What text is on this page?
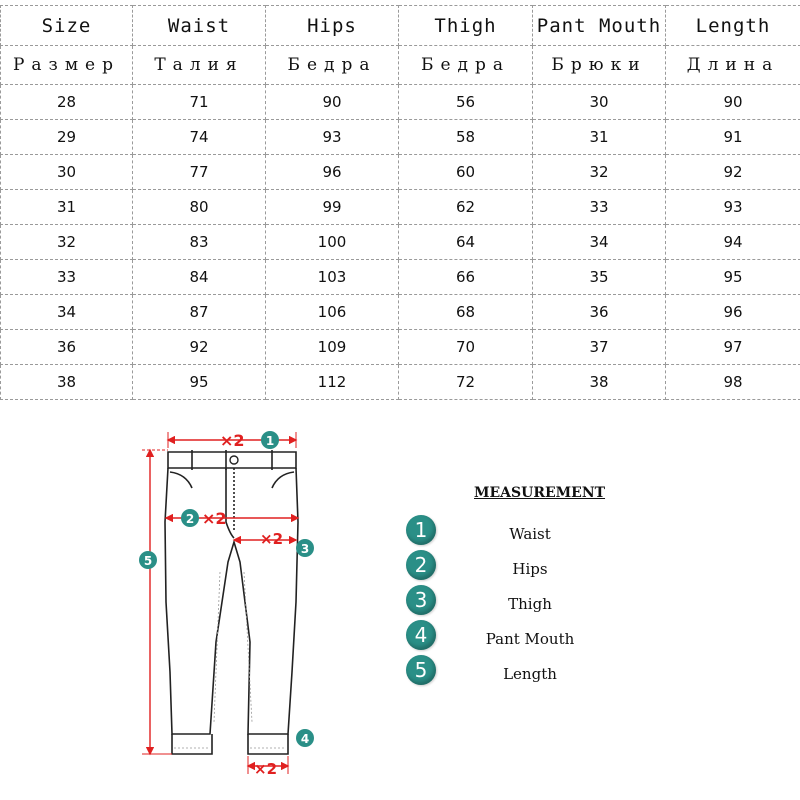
Size	Waist	Hips	Thigh	Pant Mouth	Length
Размер	Талия	Бедра	Бедра	Брюки	Длина
28	71	90	56	30	90
29	74	93	58	31	91
30	77	96	60	32	92
31	80	99	62	33	93
32	83	100	64	34	94
33	84	103	66	35	95
34	87	106	68	36	96
36	92	109	70	37	97
38	95	112	72	38	98
×2 1
2 ×2
×2
3
5
×2
4
MEASUREMENT
1	Waist
2	Hips
3	Thigh
4	Pant Mouth
5	Length
